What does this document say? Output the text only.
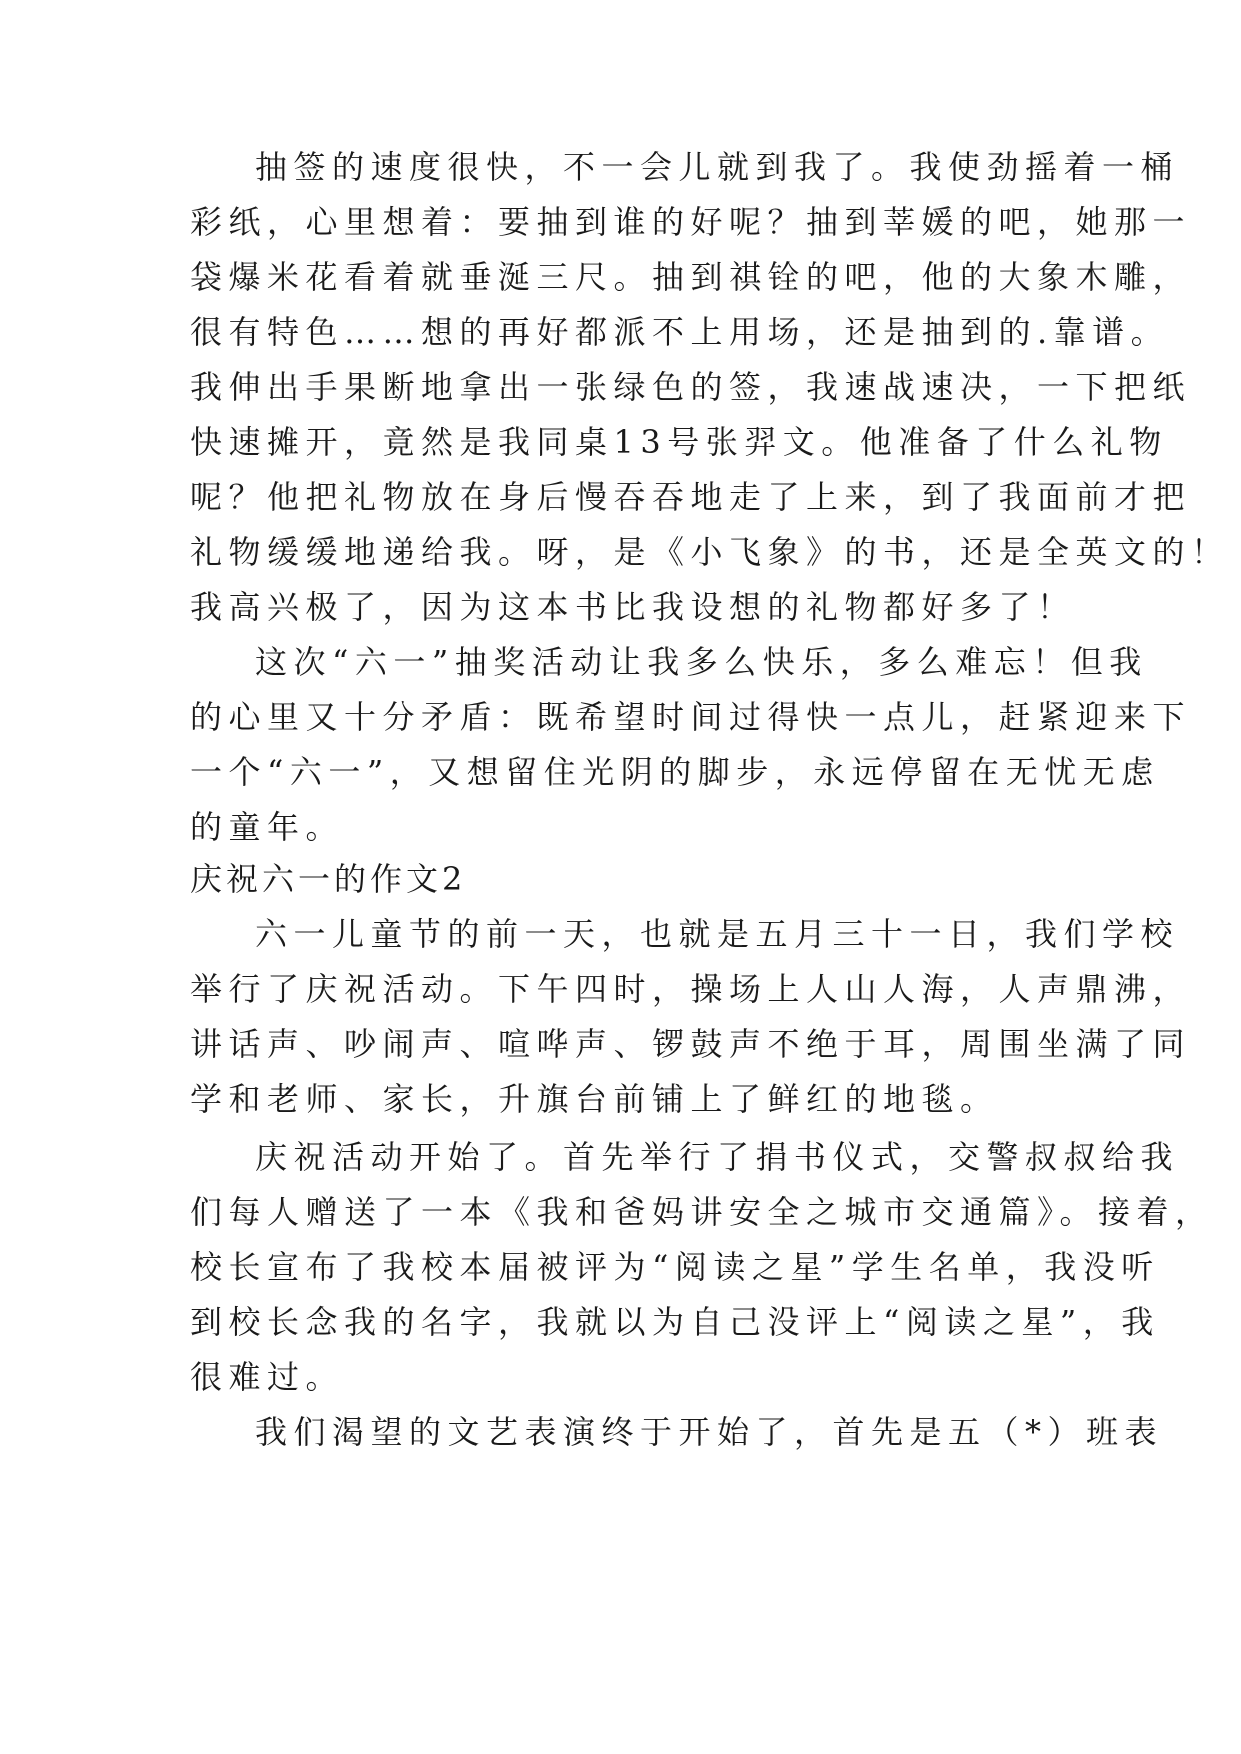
抽签的速度很快，不一会儿就到我了。我使劲摇着一桶
彩纸，心里想着：要抽到谁的好呢？抽到莘媛的吧，她那一
袋爆米花看着就垂涎三尺。抽到祺铨的吧，他的大象木雕，
很有特色……想的再好都派不上用场，还是抽到的.靠谱。
我伸出手果断地拿出一张绿色的签，我速战速决，一下把纸
快速摊开，竟然是我同桌13号张羿文。他准备了什么礼物
呢？他把礼物放在身后慢吞吞地走了上来，到了我面前才把
礼物缓缓地递给我。呀，是《小飞象》的书，还是全英文的！
我高兴极了，因为这本书比我设想的礼物都好多了！
这次“六一”抽奖活动让我多么快乐，多么难忘！但我
的心里又十分矛盾：既希望时间过得快一点儿，赶紧迎来下
一个“六一”，又想留住光阴的脚步，永远停留在无忧无虑
的童年。
庆祝六一的作文2
六一儿童节的前一天，也就是五月三十一日，我们学校
举行了庆祝活动。下午四时，操场上人山人海，人声鼎沸，
讲话声、吵闹声、喧哗声、锣鼓声不绝于耳，周围坐满了同
学和老师、家长，升旗台前铺上了鲜红的地毯。
庆祝活动开始了。首先举行了捐书仪式，交警叔叔给我
们每人赠送了一本《我和爸妈讲安全之城市交通篇》。接着，
校长宣布了我校本届被评为“阅读之星”学生名单，我没听
到校长念我的名字，我就以为自己没评上“阅读之星”，我
很难过。
我们渴望的文艺表演终于开始了，首先是五（*）班表
